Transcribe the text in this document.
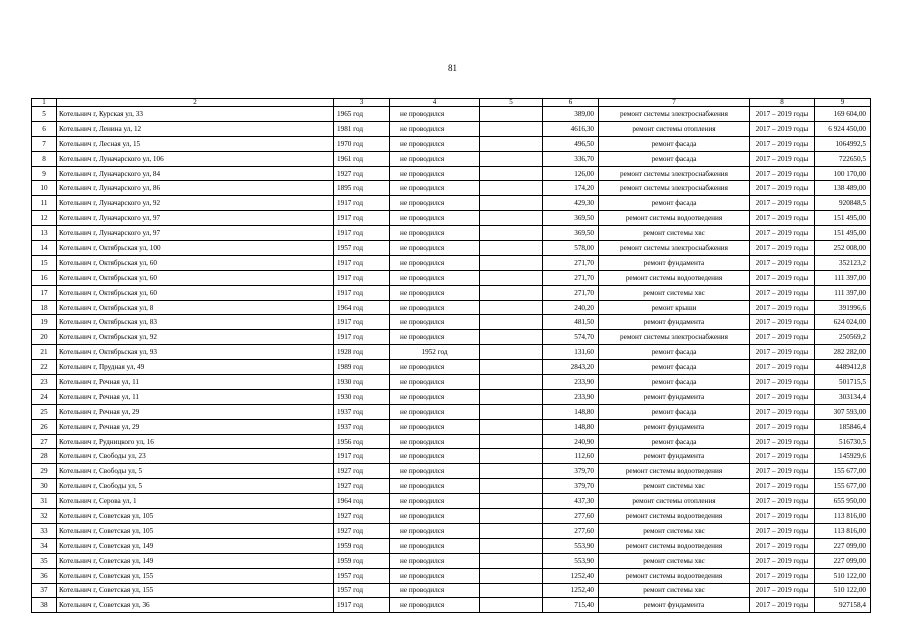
81
1	2	3	4	5	6	7	8	9
5	Котельнич г, Курская ул, 33	1965 год	не проводился		389,00	ремонт системы электроснабжения	2017 – 2019 годы	169 604,00
6	Котельнич г, Ленина ул, 12	1981 год	не проводился		4616,30	ремонт системы отопления	2017 – 2019 годы	6 924 450,00
7	Котельнич г, Лесная ул, 15	1970 год	не проводился		496,50	ремонт фасада	2017 – 2019 годы	1064992,5
8	Котельнич г, Луначарского ул, 106	1961 год	не проводился		336,70	ремонт фасада	2017 – 2019 годы	722650,5
9	Котельнич г, Луначарского ул, 84	1927 год	не проводился		126,00	ремонт системы электроснабжения	2017 – 2019 годы	100 170,00
10	Котельнич г, Луначарского ул, 86	1895 год	не проводился		174,20	ремонт системы электроснабжения	2017 – 2019 годы	138 489,00
11	Котельнич г, Луначарского ул, 92	1917 год	не проводился		429,30	ремонт фасада	2017 – 2019 годы	920848,5
12	Котельнич г, Луначарского ул, 97	1917 год	не проводился		369,50	ремонт системы водоотведения	2017 – 2019 годы	151 495,00
13	Котельнич г, Луначарского ул, 97	1917 год	не проводился		369,50	ремонт системы хвс	2017 – 2019 годы	151 495,00
14	Котельнич г, Октябрьская ул, 100	1957 год	не проводился		578,00	ремонт системы электроснабжения	2017 – 2019 годы	252 008,00
15	Котельнич г, Октябрьская ул, 60	1917 год	не проводился		271,70	ремонт фундамента	2017 – 2019 годы	352123,2
16	Котельнич г, Октябрьская ул, 60	1917 год	не проводился		271,70	ремонт системы водоотведения	2017 – 2019 годы	111 397,00
17	Котельнич г, Октябрьская ул, 60	1917 год	не проводился		271,70	ремонт системы хвс	2017 – 2019 годы	111 397,00
18	Котельнич г, Октябрьская ул, 8	1964 год	не проводился		240,20	ремонт крыши	2017 – 2019 годы	391996,6
19	Котельнич г, Октябрьская ул, 83	1917 год	не проводился		481,50	ремонт фундамента	2017 – 2019 годы	624 024,00
20	Котельнич г, Октябрьская ул, 92	1917 год	не проводился		574,70	ремонт системы электроснабжения	2017 – 2019 годы	250569,2
21	Котельнич г, Октябрьская ул, 93	1928 год	1952 год		131,60	ремонт фасада	2017 – 2019 годы	282 282,00
22	Котельнич г, Прудная ул, 49	1989 год	не проводился		2843,20	ремонт фасада	2017 – 2019 годы	4489412,8
23	Котельнич г, Речная ул, 11	1930 год	не проводился		233,90	ремонт фасада	2017 – 2019 годы	501715,5
24	Котельнич г, Речная ул, 11	1930 год	не проводился		233,90	ремонт фундамента	2017 – 2019 годы	303134,4
25	Котельнич г, Речная ул, 29	1937 год	не проводился		148,80	ремонт фасада	2017 – 2019 годы	307 593,00
26	Котельнич г, Речная ул, 29	1937 год	не проводился		148,80	ремонт фундамента	2017 – 2019 годы	185846,4
27	Котельнич г, Рудницкого ул, 16	1956 год	не проводился		240,90	ремонт фасада	2017 – 2019 годы	516730,5
28	Котельнич г, Свободы ул, 23	1917 год	не проводился		112,60	ремонт фундамента	2017 – 2019 годы	145929,6
29	Котельнич г, Свободы ул, 5	1927 год	не проводился		379,70	ремонт системы водоотведения	2017 – 2019 годы	155 677,00
30	Котельнич г, Свободы ул, 5	1927 год	не проводился		379,70	ремонт системы хвс	2017 – 2019 годы	155 677,00
31	Котельнич г, Серова ул, 1	1964 год	не проводился		437,30	ремонт системы отопления	2017 – 2019 годы	655 950,00
32	Котельнич г, Советская ул, 105	1927 год	не проводился		277,60	ремонт системы водоотведения	2017 – 2019 годы	113 816,00
33	Котельнич г, Советская ул, 105	1927 год	не проводился		277,60	ремонт системы хвс	2017 – 2019 годы	113 816,00
34	Котельнич г, Советская ул, 149	1959 год	не проводился		553,90	ремонт системы водоотведения	2017 – 2019 годы	227 099,00
35	Котельнич г, Советская ул, 149	1959 год	не проводился		553,90	ремонт системы хвс	2017 – 2019 годы	227 099,00
36	Котельнич г, Советская ул, 155	1957 год	не проводился		1252,40	ремонт системы водоотведения	2017 – 2019 годы	510 122,00
37	Котельнич г, Советская ул, 155	1957 год	не проводился		1252,40	ремонт системы хвс	2017 – 2019 годы	510 122,00
38	Котельнич г, Советская ул, 36	1917 год	не проводился		715,40	ремонт фундамента	2017 – 2019 годы	927158,4
